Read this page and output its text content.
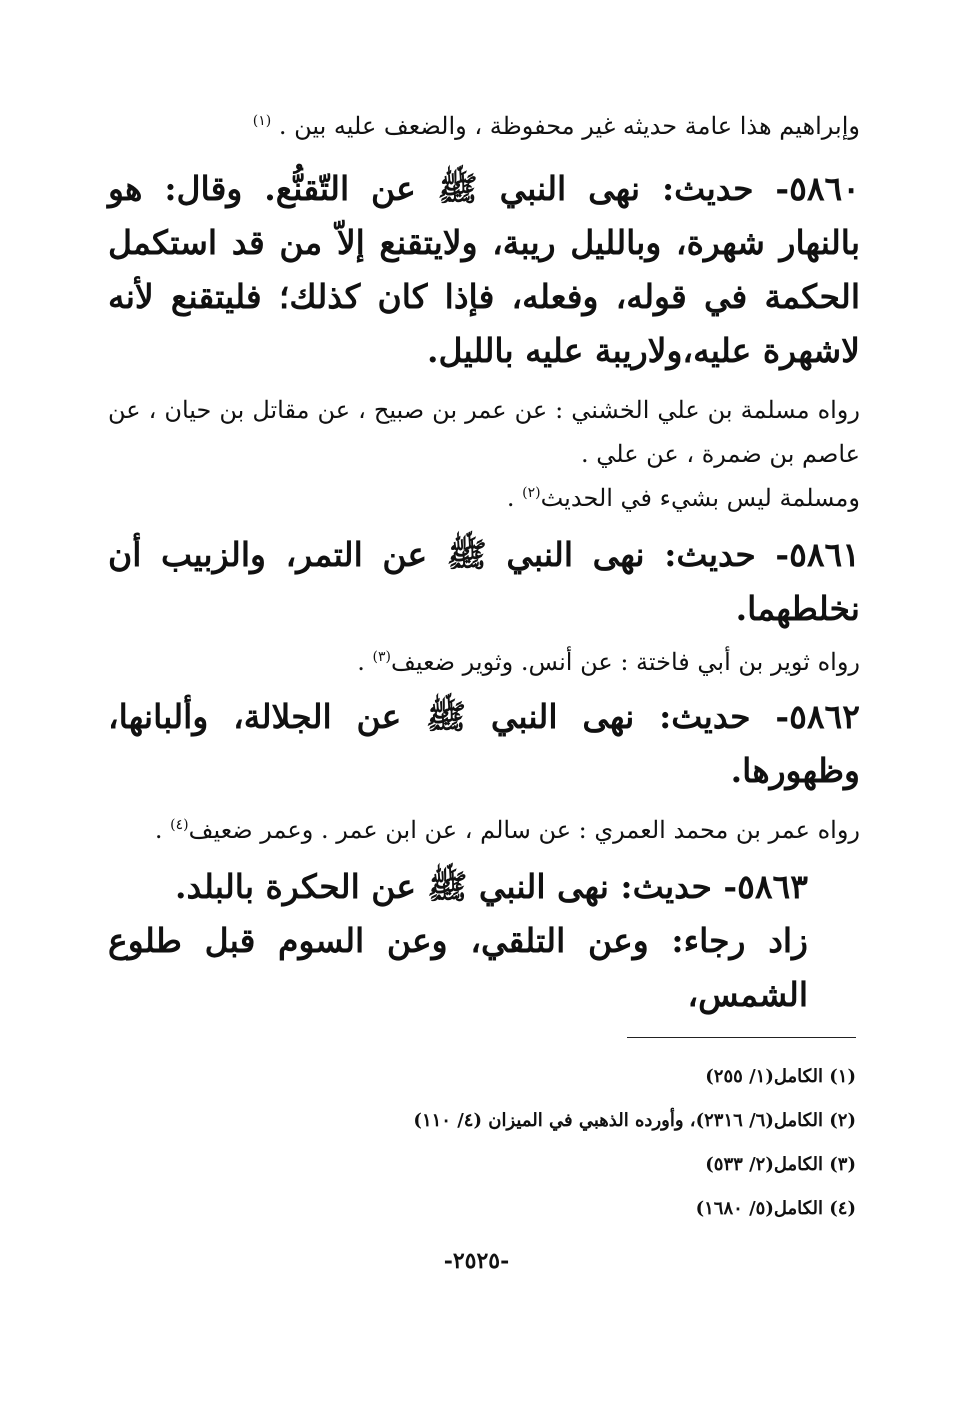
وإبراهيم هذا عامة حديثه غير محفوظة ، والضعف عليه بين . $^{(١)}$

٥٨٦٠- حديث: نهى النبي ﷺ عن التّقنُّع. وقال: هو بالنهار شهرة، وبالليل ريبة، ولايتقنع إلاّ من قد استكمل الحكمة في قوله، وفعله، فإذا كان كذلك؛ فليتقنع لأنه لاشهرة عليه،ولاريبة عليه بالليل.

رواه مسلمة بن علي الخشني : عن عمر بن صبيح ، عن مقاتل بن حيان ، عن عاصم بن ضمرة ، عن علي .

ومسلمة ليس بشيء في الحديث$^{(٢)}$ .

٥٨٦١- حديث: نهى النبي ﷺ عن التمر، والزبيب أن نخلطهما.

رواه ثوير بن أبي فاختة : عن أنس. وثوير ضعيف$^{(٣)}$ .

٥٨٦٢- حديث: نهى النبي ﷺ عن الجلالة، وألبانها، وظهورها.

رواه عمر بن محمد العمري : عن سالم ، عن ابن عمر . وعمر ضعيف$^{(٤)}$ .

٥٨٦٣- حديث: نهى النبي ﷺ عن الحكرة بالبلد.

زاد رجاء: وعن التلقي، وعن السوم قبل طلوع الشمس،

(١) الكامل(١/ ٢٥٥)
(٢) الكامل(٦/ ٢٣١٦)، وأورده الذهبي في الميزان (٤/ ١١٠)
(٣) الكامل(٢/ ٥٣٣)
(٤) الكامل(٥/ ١٦٨٠)
-٢٥٢٥-
